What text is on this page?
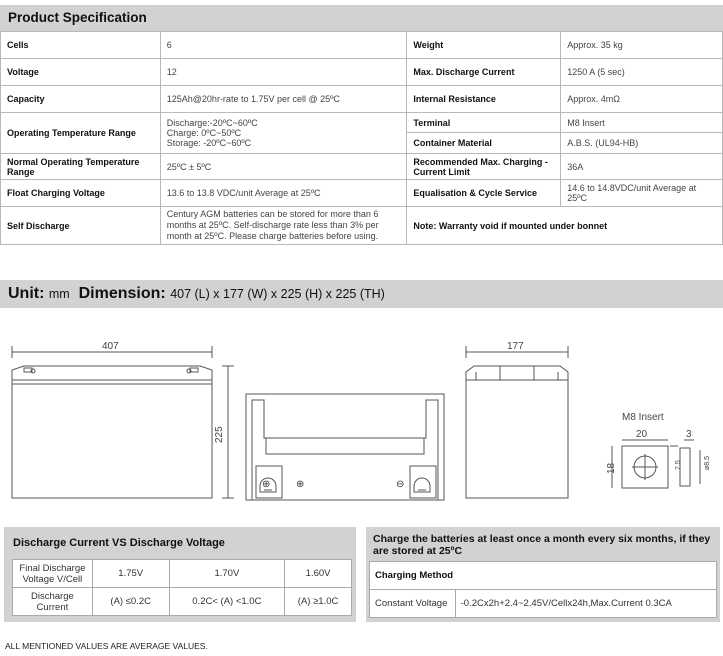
Product Specification
Cells	6	Weight	Approx. 35 kg
Voltage	12	Max. Discharge Current	1250 A (5 sec)
Capacity	125Ah@20hr-rate to 1.75V per cell @ 25ºC	Internal Resistance	Approx. 4mΩ
Operating Temperature Range	Discharge:-20ºC~60ºC
Charge: 0ºC~50ºC
Storage: -20ºC~60ºC	Terminal	M8 Insert
		Container Material	A.B.S. (UL94-HB)
Normal Operating Temperature Range	25ºC ± 5ºC	Recommended Max. Charging - Current Limit	36A
Float Charging Voltage	13.6 to 13.8 VDC/unit Average at 25ºC	Equalisation & Cycle Service	14.6 to 14.8VDC/unit Average at 25ºC
Self Discharge	Century AGM batteries can be stored for more than 6 months at 25ºC. Self-discharge rate less than 3% per month at 25ºC. Please charge batteries before using.	Note: Warranty void if mounted under bonnet	
Unit: mm Dimension: 407 (L) x 177 (W) x 225 (H) x 225 (TH)
⊕	⊕	⊖
407
225
177
M8 Insert
20	3
18	7.5	ø8.5
Discharge Current VS Discharge Voltage
Final Discharge Voltage V/Cell	1.75V	1.70V	1.60V
Discharge Current	(A) ≤0.2C	0.2C< (A) <1.0C	(A) ≥1.0C
Charge the batteries at least once a month every six months, if they are stored at 25ºC
Charging Method
Constant Voltage	-0.2Cx2h+2.4~2.45V/Cellx24h,Max.Current 0.3CA
ALL MENTIONED VALUES ARE AVERAGE VALUES.
